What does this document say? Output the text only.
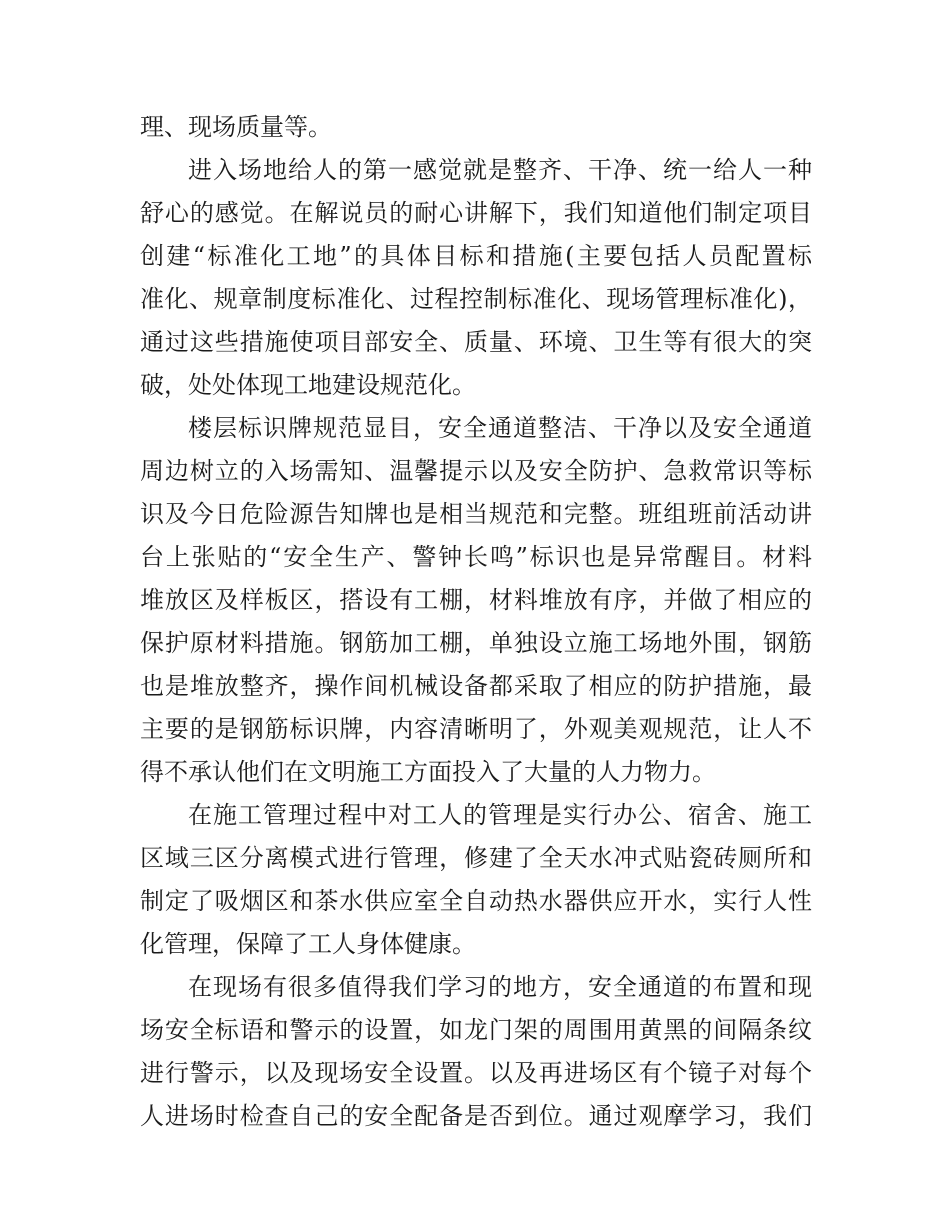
理、现场质量等。
进入场地给人的第一感觉就是整齐、干净、统一给人一种
舒心的感觉。在解说员的耐心讲解下，我们知道他们制定项目
创建“标准化工地”的具体目标和措施(主要包括人员配置标
准化、规章制度标准化、过程控制标准化、现场管理标准化)，
通过这些措施使项目部安全、质量、环境、卫生等有很大的突
破，处处体现工地建设规范化。
楼层标识牌规范显目，安全通道整洁、干净以及安全通道
周边树立的入场需知、温馨提示以及安全防护、急救常识等标
识及今日危险源告知牌也是相当规范和完整。班组班前活动讲
台上张贴的“安全生产、警钟长鸣”标识也是异常醒目。材料
堆放区及样板区，搭设有工棚，材料堆放有序，并做了相应的
保护原材料措施。钢筋加工棚，单独设立施工场地外围，钢筋
也是堆放整齐，操作间机械设备都采取了相应的防护措施，最
主要的是钢筋标识牌，内容清晰明了，外观美观规范，让人不
得不承认他们在文明施工方面投入了大量的人力物力。
在施工管理过程中对工人的管理是实行办公、宿舍、施工
区域三区分离模式进行管理，修建了全天水冲式贴瓷砖厕所和
制定了吸烟区和茶水供应室全自动热水器供应开水，实行人性
化管理，保障了工人身体健康。
在现场有很多值得我们学习的地方，安全通道的布置和现
场安全标语和警示的设置，如龙门架的周围用黄黑的间隔条纹
进行警示，以及现场安全设置。以及再进场区有个镜子对每个
人进场时检查自己的安全配备是否到位。通过观摩学习，我们
